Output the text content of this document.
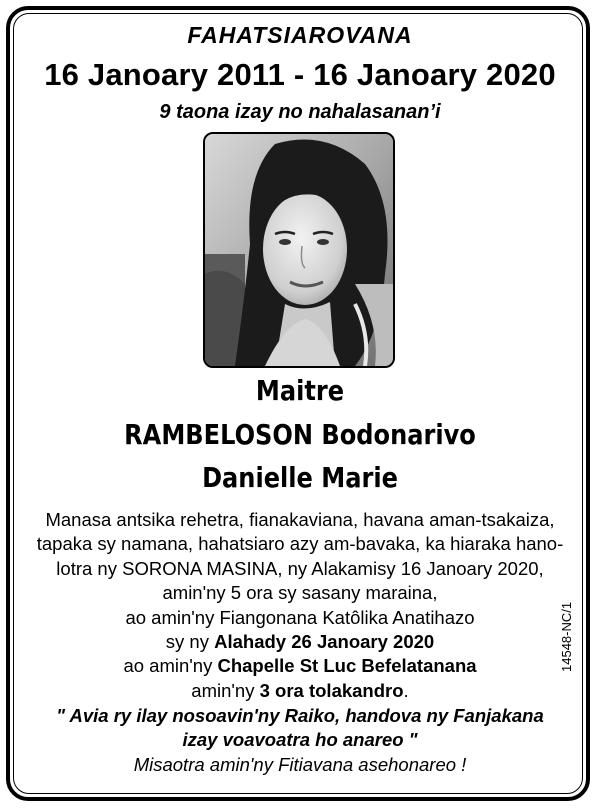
FAHATSIAROVANA
16 Janoary 2011 - 16 Janoary 2020
9 taona izay no nahalasanan’i
Maitre
RAMBELOSON Bodonarivo
Danielle Marie
Manasa antsika rehetra, fianakaviana, havana aman-tsakaiza,
tapaka sy namana, hahatsiaro azy am-bavaka, ka hiaraka hano-
lotra ny SORONA MASINA, ny Alakamisy 16 Janoary 2020,
amin'ny 5 ora sy sasany maraina,
ao amin'ny Fiangonana Katôlika Anatihazo
sy ny Alahady 26 Janoary 2020
ao amin'ny Chapelle St Luc Befelatanana
amin'ny 3 ora tolakandro.
" Avia ry ilay nosoavin'ny Raiko, handova ny Fanjakana
izay voavoatra ho anareo "
Misaotra amin'ny Fitiavana asehonareo !
14548-NC/1
